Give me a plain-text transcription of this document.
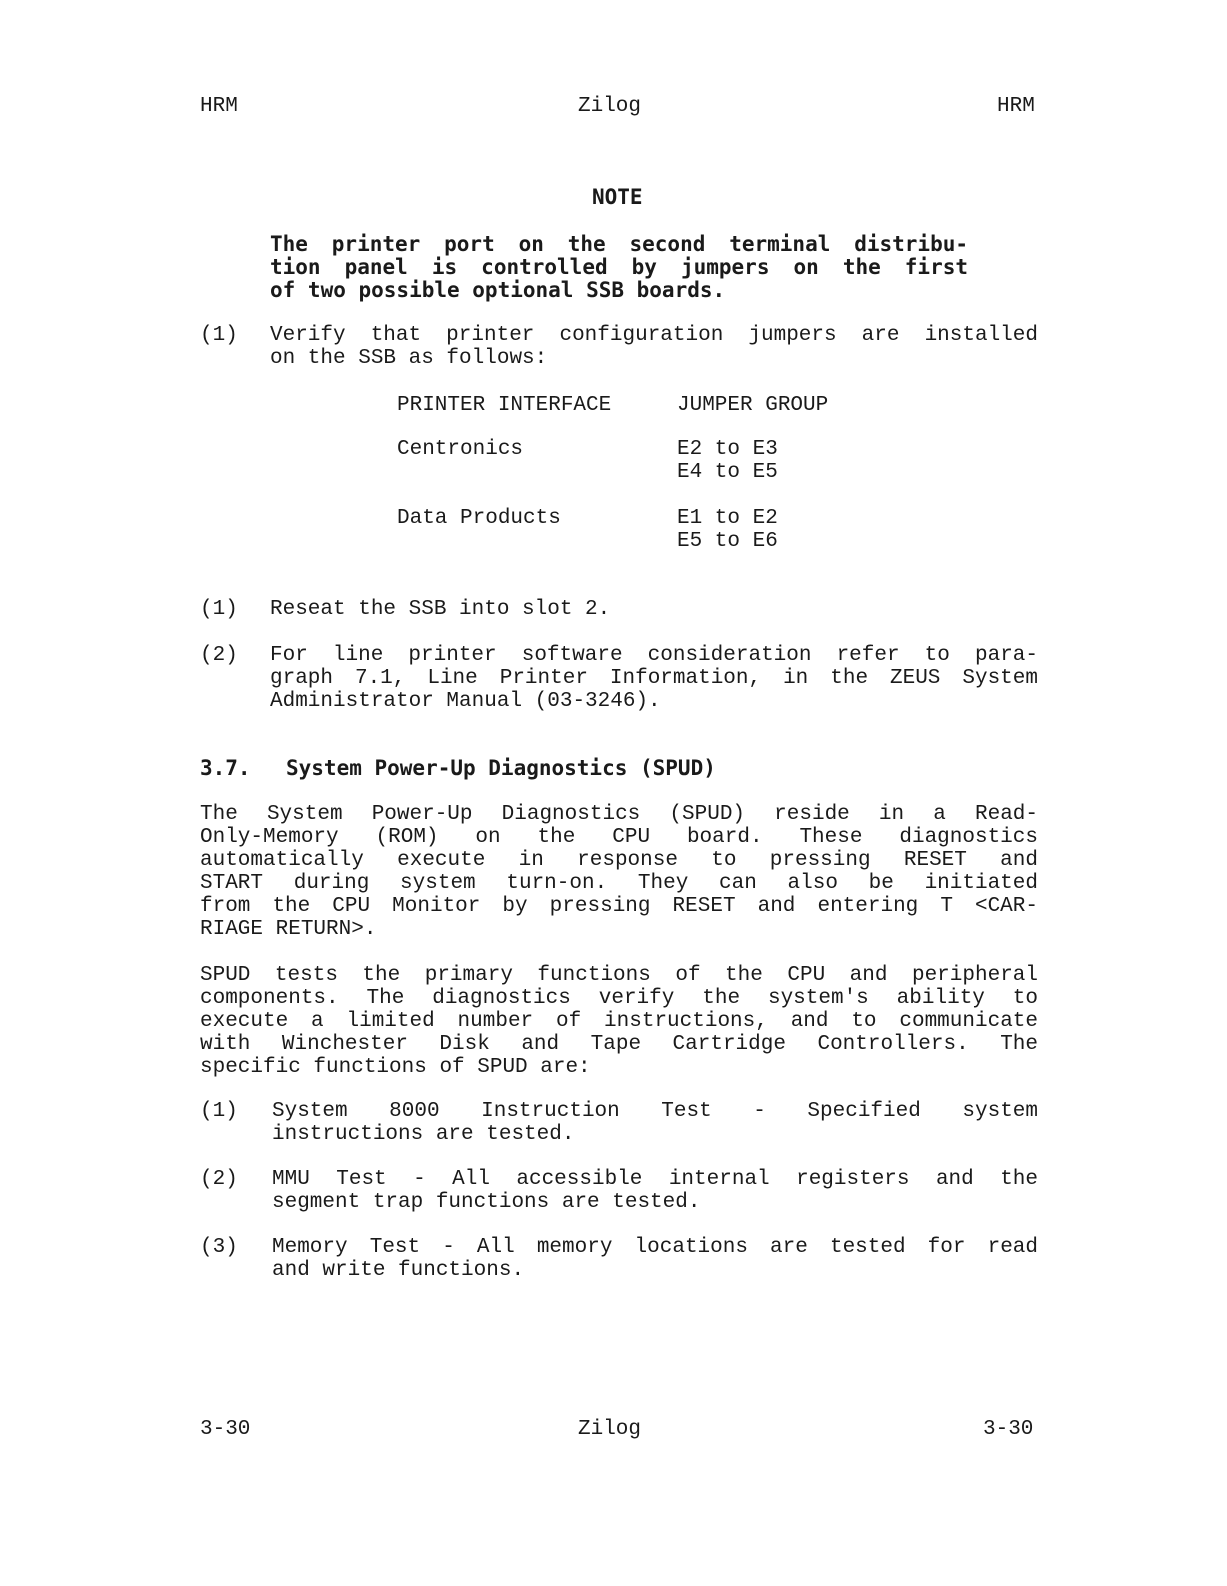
HRM	Zilog	HRM
NOTE
The printer port on the second terminal distribu-
tion panel is controlled by jumpers on the first
of two possible optional SSB boards.
(1) Verify that printer configuration jumpers are installed
on the SSB as follows:
PRINTER INTERFACE	JUMPER GROUP
Centronics	E2 to E3
E4 to E5
Data Products	E1 to E2
E5 to E6
(1) Reseat the SSB into slot 2.
(2) For line printer software consideration refer to para-
graph 7.1, Line Printer Information, in the ZEUS System
Administrator Manual (03-3246).
3.7. System Power-Up Diagnostics (SPUD)
The System Power-Up Diagnostics (SPUD) reside in a Read-
Only-Memory (ROM) on the CPU board. These diagnostics
automatically execute in response to pressing RESET and
START during system turn-on. They can also be initiated
from the CPU Monitor by pressing RESET and entering T <CAR-
RIAGE RETURN>.
SPUD tests the primary functions of the CPU and peripheral
components. The diagnostics verify the system's ability to
execute a limited number of instructions, and to communicate
with Winchester Disk and Tape Cartridge Controllers. The
specific functions of SPUD are:
(1) System 8000 Instruction Test - Specified system
instructions are tested.
(2) MMU Test - All accessible internal registers and the
segment trap functions are tested.
(3) Memory Test - All memory locations are tested for read
and write functions.
3-30	Zilog	3-30
